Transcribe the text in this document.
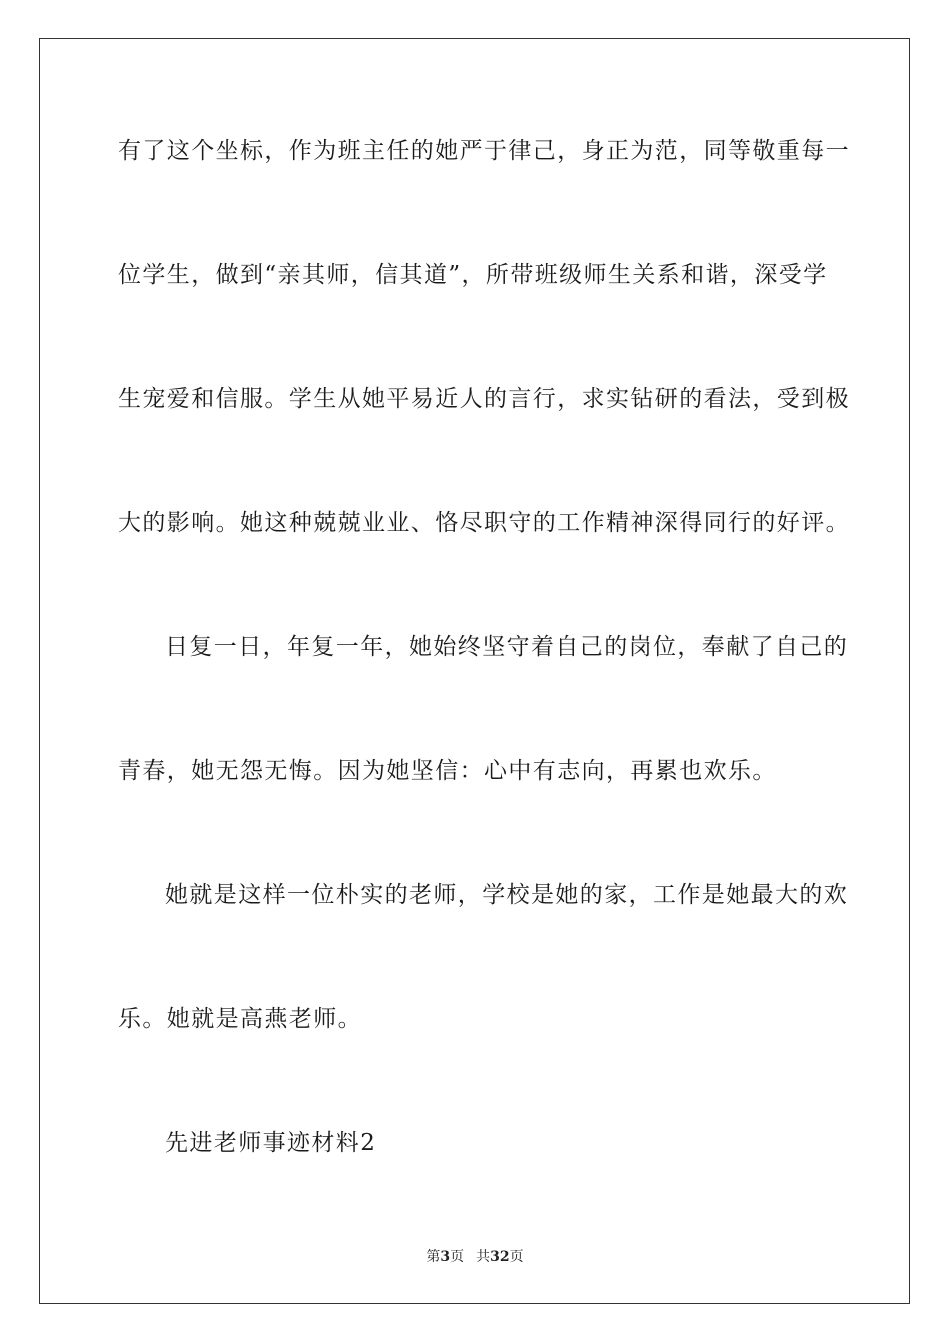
有了这个坐标，作为班主任的她严于律己，身正为范，同等敬重每一
位学生，做到“亲其师，信其道”，所带班级师生关系和谐，深受学
生宠爱和信服。学生从她平易近人的言行，求实钻研的看法，受到极
大的影响。她这种兢兢业业、恪尽职守的工作精神深得同行的好评。
日复一日，年复一年，她始终坚守着自己的岗位，奉献了自己的
青春，她无怨无悔。因为她坚信：心中有志向，再累也欢乐。
她就是这样一位朴实的老师，学校是她的家，工作是她最大的欢
乐。她就是高燕老师。
先进老师事迹材料2
第3页 共32页
